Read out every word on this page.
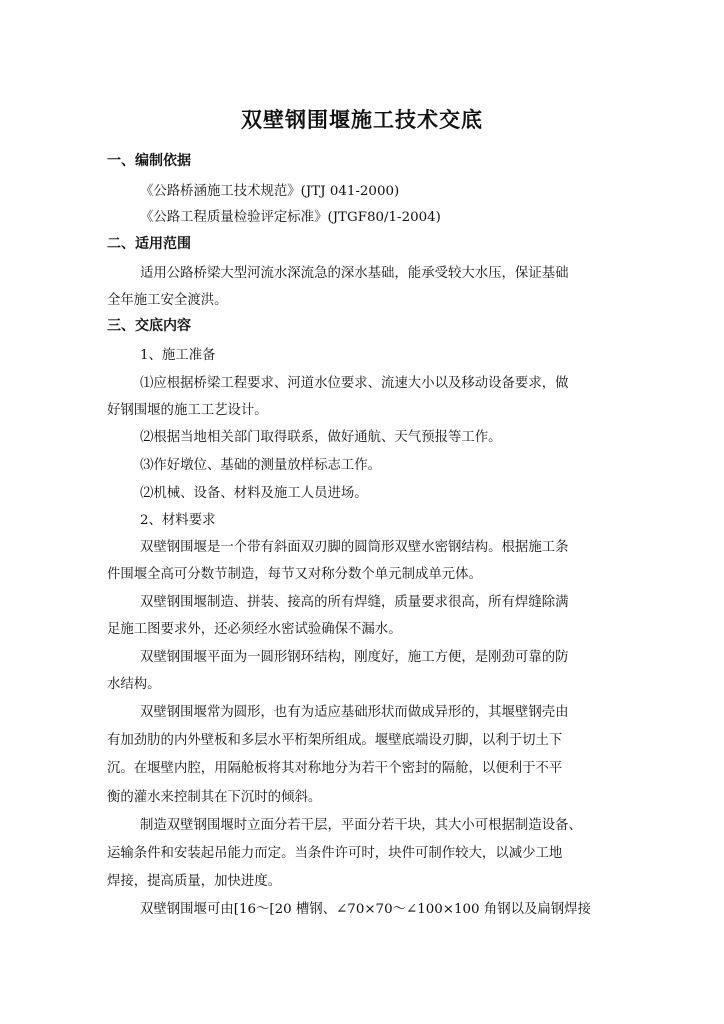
双壁钢围堰施工技术交底
一、编制依据
《公路桥涵施工技术规范》(JTJ 041-2000)
《公路工程质量检验评定标准》(JTGF80/1-2004)
二、适用范围
适用公路桥梁大型河流水深流急的深水基础，能承受较大水压，保证基础
全年施工安全渡洪。
三、交底内容
1、施工准备
⑴应根据桥梁工程要求、河道水位要求、流速大小以及移动设备要求，做
好钢围堰的施工工艺设计。
⑵根据当地相关部门取得联系，做好通航、天气预报等工作。
⑶作好墩位、基础的测量放样标志工作。
⑵机械、设备、材料及施工人员进场。
2、材料要求
双壁钢围堰是一个带有斜面双刃脚的圆筒形双壁水密钢结构。根据施工条
件围堰全高可分数节制造，每节又对称分数个单元制成单元体。
双壁钢围堰制造、拼装、接高的所有焊缝，质量要求很高，所有焊缝除满
足施工图要求外，还必须经水密试验确保不漏水。
双壁钢围堰平面为一圆形钢环结构，刚度好，施工方便，是刚劲可靠的防
水结构。
双壁钢围堰常为圆形，也有为适应基础形状而做成异形的，其堰壁钢壳由
有加劲肋的内外壁板和多层水平桁架所组成。堰壁底端设刃脚，以利于切土下
沉。在堰壁内腔，用隔舱板将其对称地分为若干个密封的隔舱，以便利于不平
衡的灌水来控制其在下沉时的倾斜。
制造双壁钢围堰时立面分若干层，平面分若干块，其大小可根据制造设备、
运输条件和安装起吊能力而定。当条件许可时，块件可制作较大，以减少工地
焊接，提高质量，加快进度。
双壁钢围堰可由[16～[20 槽钢、∠70×70～∠100×100 角钢以及扁钢焊接
